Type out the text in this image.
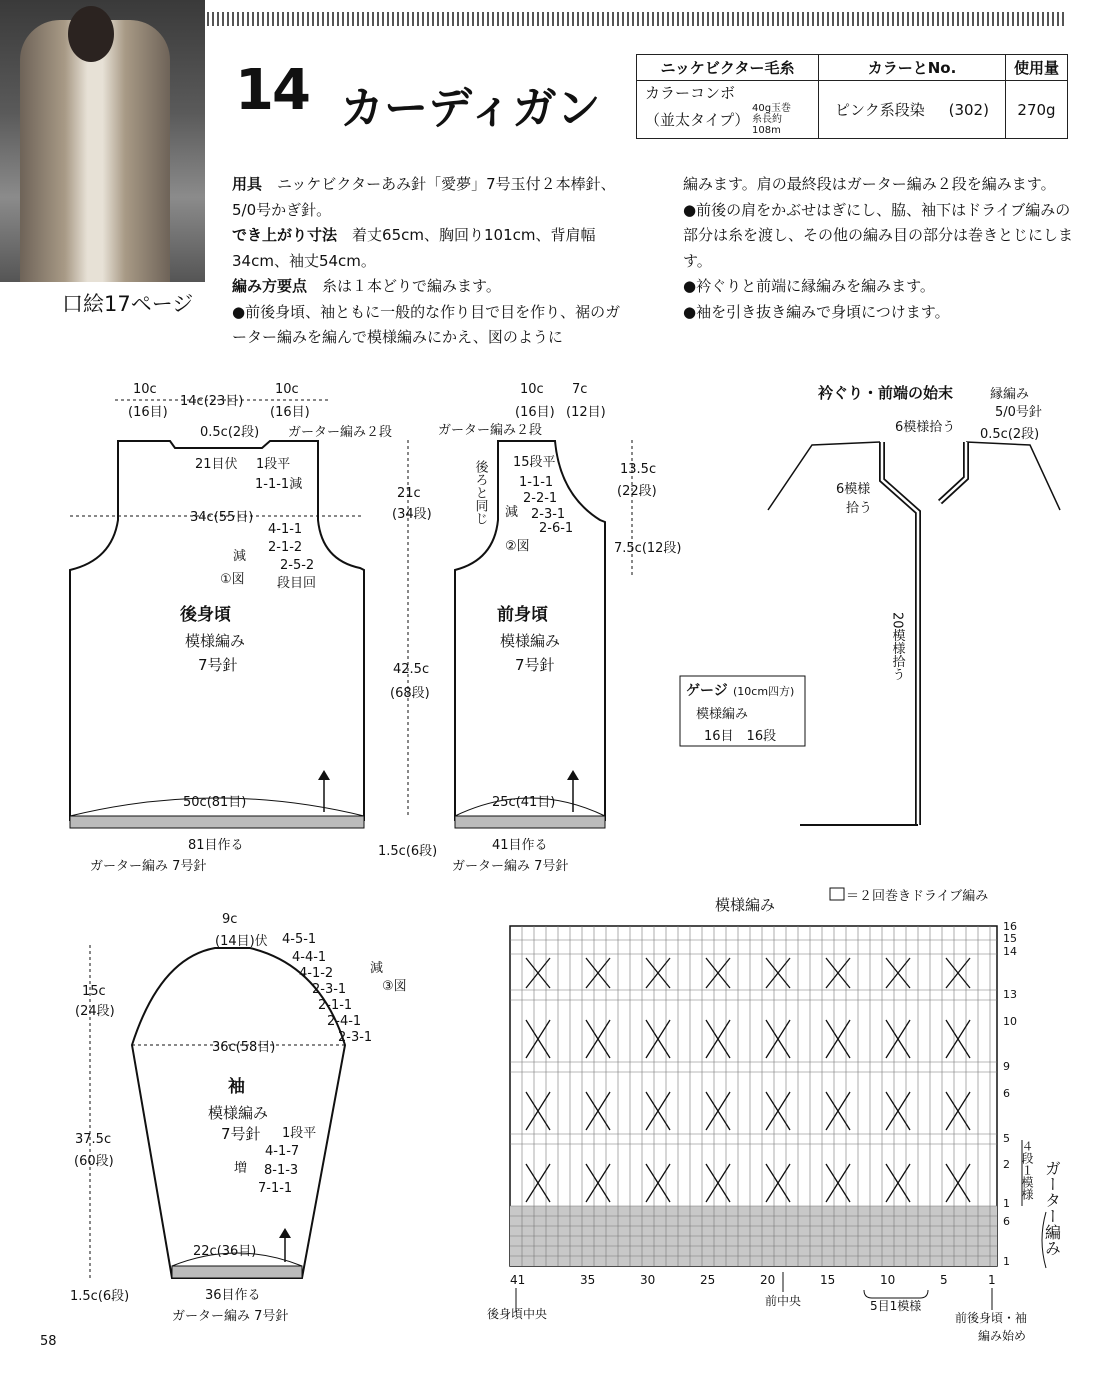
口絵17ページ
14 カーディガン
ニッケビクター毛糸	カラーとNo.	使用量

カラーコンボ
（並太タイプ）
40g玉巻
糸長約108m	ピンク系段染 (302)	270g
用具　 ニッケビクターあみ針「愛夢」7号玉付２本棒針、5/0号かぎ針。
でき上がり寸法　 着丈65cm、胸回り101cm、背肩幅34cm、袖丈54cm。
編み方要点　 糸は１本どりで編みます。
●前後身頃、袖ともに一般的な作り目で目を作り、裾のガーター編みを編んで模様編みにかえ、図のように
編みます。肩の最終段はガーター編み２段を編みます。
●前後の肩をかぶせはぎにし、脇、袖下はドライブ編みの部分は糸を渡し、その他の編み目の部分は巻きとじにします。
●衿ぐりと前端に縁編みを編みます。
●袖を引き抜き編みで身頃につけます。
10c
(16目)
14c(23目)
10c
(16目)
0.5c(2段) ガーター編み２段
21目伏 1段平
1-1-1減
34c(55目)
減
4-1-1
2-1-2
2-5-2
段目回
①図
後身頃
模様編み
7号針
50c(81目)
81目作る
ガーター編み 7号針
21c
(34段)
42.5c
(68段)
1.5c(6段)
10c
(16目)
7c
(12目)
ガーター編み２段
後ろと同じ 15段平
1-1-1
2-2-1
2-3-1
2-6-1
減
②図
前身頃
模様編み
7号針
25c(41目)
41目作る
ガーター編み 7号針
13.5c
(22段)
7.5c(12段)
衿ぐり・前端の始末	縁編み
5/0号針
6模様拾う 0.5c(2段)
6模様
拾う
20模様拾う
ゲージ (10cm四方)
模様編み
16目　16段
9c
(14目)伏 4-5-1
4-4-1
4-1-2
2-3-1
2-1-1
2-4-1
2-3-1
減
③図
36c(58目)
袖
模様編み
7号針 1段平
4-1-7
8-1-3
7-1-1
増
22c(36目)
36目作る
ガーター編み 7号針
15c
(24段)
37.5c
(60段)
1.5c(6段)
模様編み	＝２回巻きドライブ編み
16
15
14
13
10
9
6
5
2
1
6
1
４段１模様 ガーター編み
41	35	30	25	20	15	10	5	1
後身頃中央
前中央	5目1模様
前後身頃・袖
編み始め
58
